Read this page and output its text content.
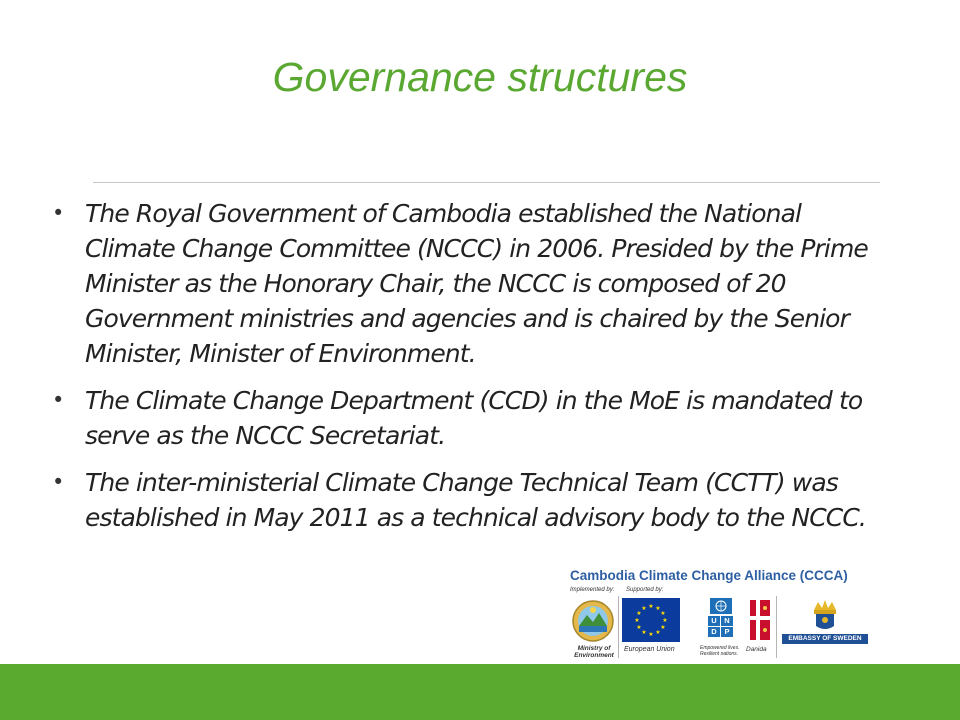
Governance structures
• The Royal Government of Cambodia established the National Climate Change Committee (NCCC) in 2006. Presided by the Prime Minister as the Honorary Chair, the NCCC is composed of 20 Government ministries and agencies and is chaired by the Senior Minister, Minister of Environment.
• The Climate Change Department (CCD) in the MoE is mandated to serve as the NCCC Secretariat.
• The inter-ministerial Climate Change Technical Team (CCTT) was established in May 2011 as a technical advisory body to the NCCC.
Cambodia Climate Change Alliance (CCCA)
Implemented by: Supported by:
Ministry of
Environment
★ ★
★
★
★
★
★
★
★
★
★
★
European Union
U	N
D	P
Empowered lives.
Resilient nations.
Danida
EMBASSY OF SWEDEN
